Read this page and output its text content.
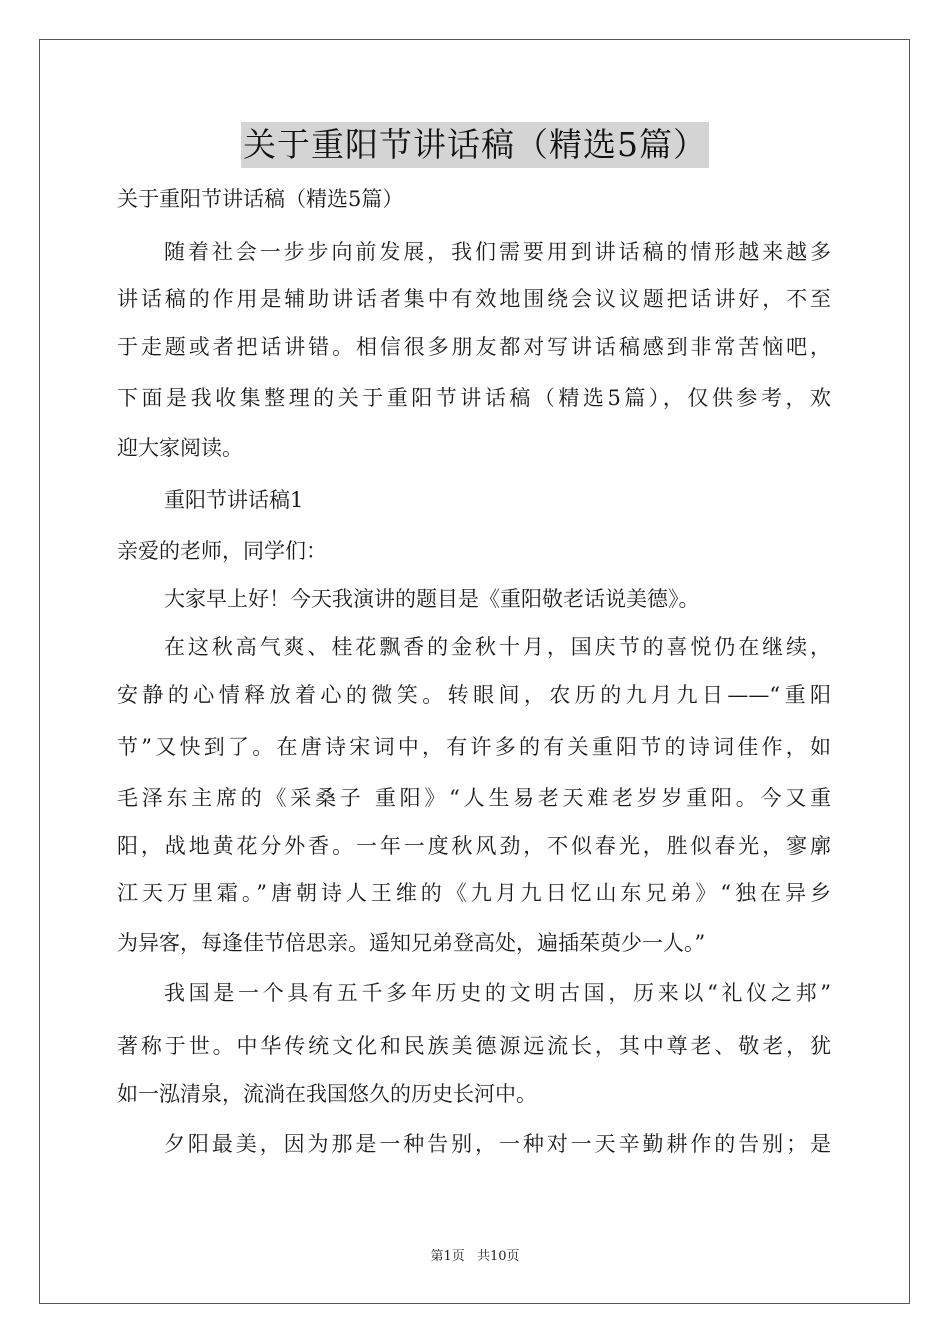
关于重阳节讲话稿（精选5篇）
关于重阳节讲话稿（精选5篇）
随着社会一步步向前发展，我们需要用到讲话稿的情形越来越多
讲话稿的作用是辅助讲话者集中有效地围绕会议议题把话讲好，不至
于走题或者把话讲错。相信很多朋友都对写讲话稿感到非常苦恼吧，
下面是我收集整理的关于重阳节讲话稿（精选5篇），仅供参考，欢
迎大家阅读。
重阳节讲话稿1
亲爱的老师，同学们：
大家早上好！今天我演讲的题目是《重阳敬老话说美德》。
在这秋高气爽、桂花飘香的金秋十月，国庆节的喜悦仍在继续，
安静的心情释放着心的微笑。转眼间，农历的九月九日——“重阳
节”又快到了。在唐诗宋词中，有许多的有关重阳节的诗词佳作，如
毛泽东主席的《采桑子 重阳》“人生易老天难老岁岁重阳。今又重
阳，战地黄花分外香。一年一度秋风劲，不似春光，胜似春光，寥廓
江天万里霜。”唐朝诗人王维的《九月九日忆山东兄弟》“独在异乡
为异客，每逢佳节倍思亲。遥知兄弟登高处，遍插茱萸少一人。”
我国是一个具有五千多年历史的文明古国，历来以“礼仪之邦”
著称于世。中华传统文化和民族美德源远流长，其中尊老、敬老，犹
如一泓清泉，流淌在我国悠久的历史长河中。
夕阳最美，因为那是一种告别，一种对一天辛勤耕作的告别；是
第1页 共10页
